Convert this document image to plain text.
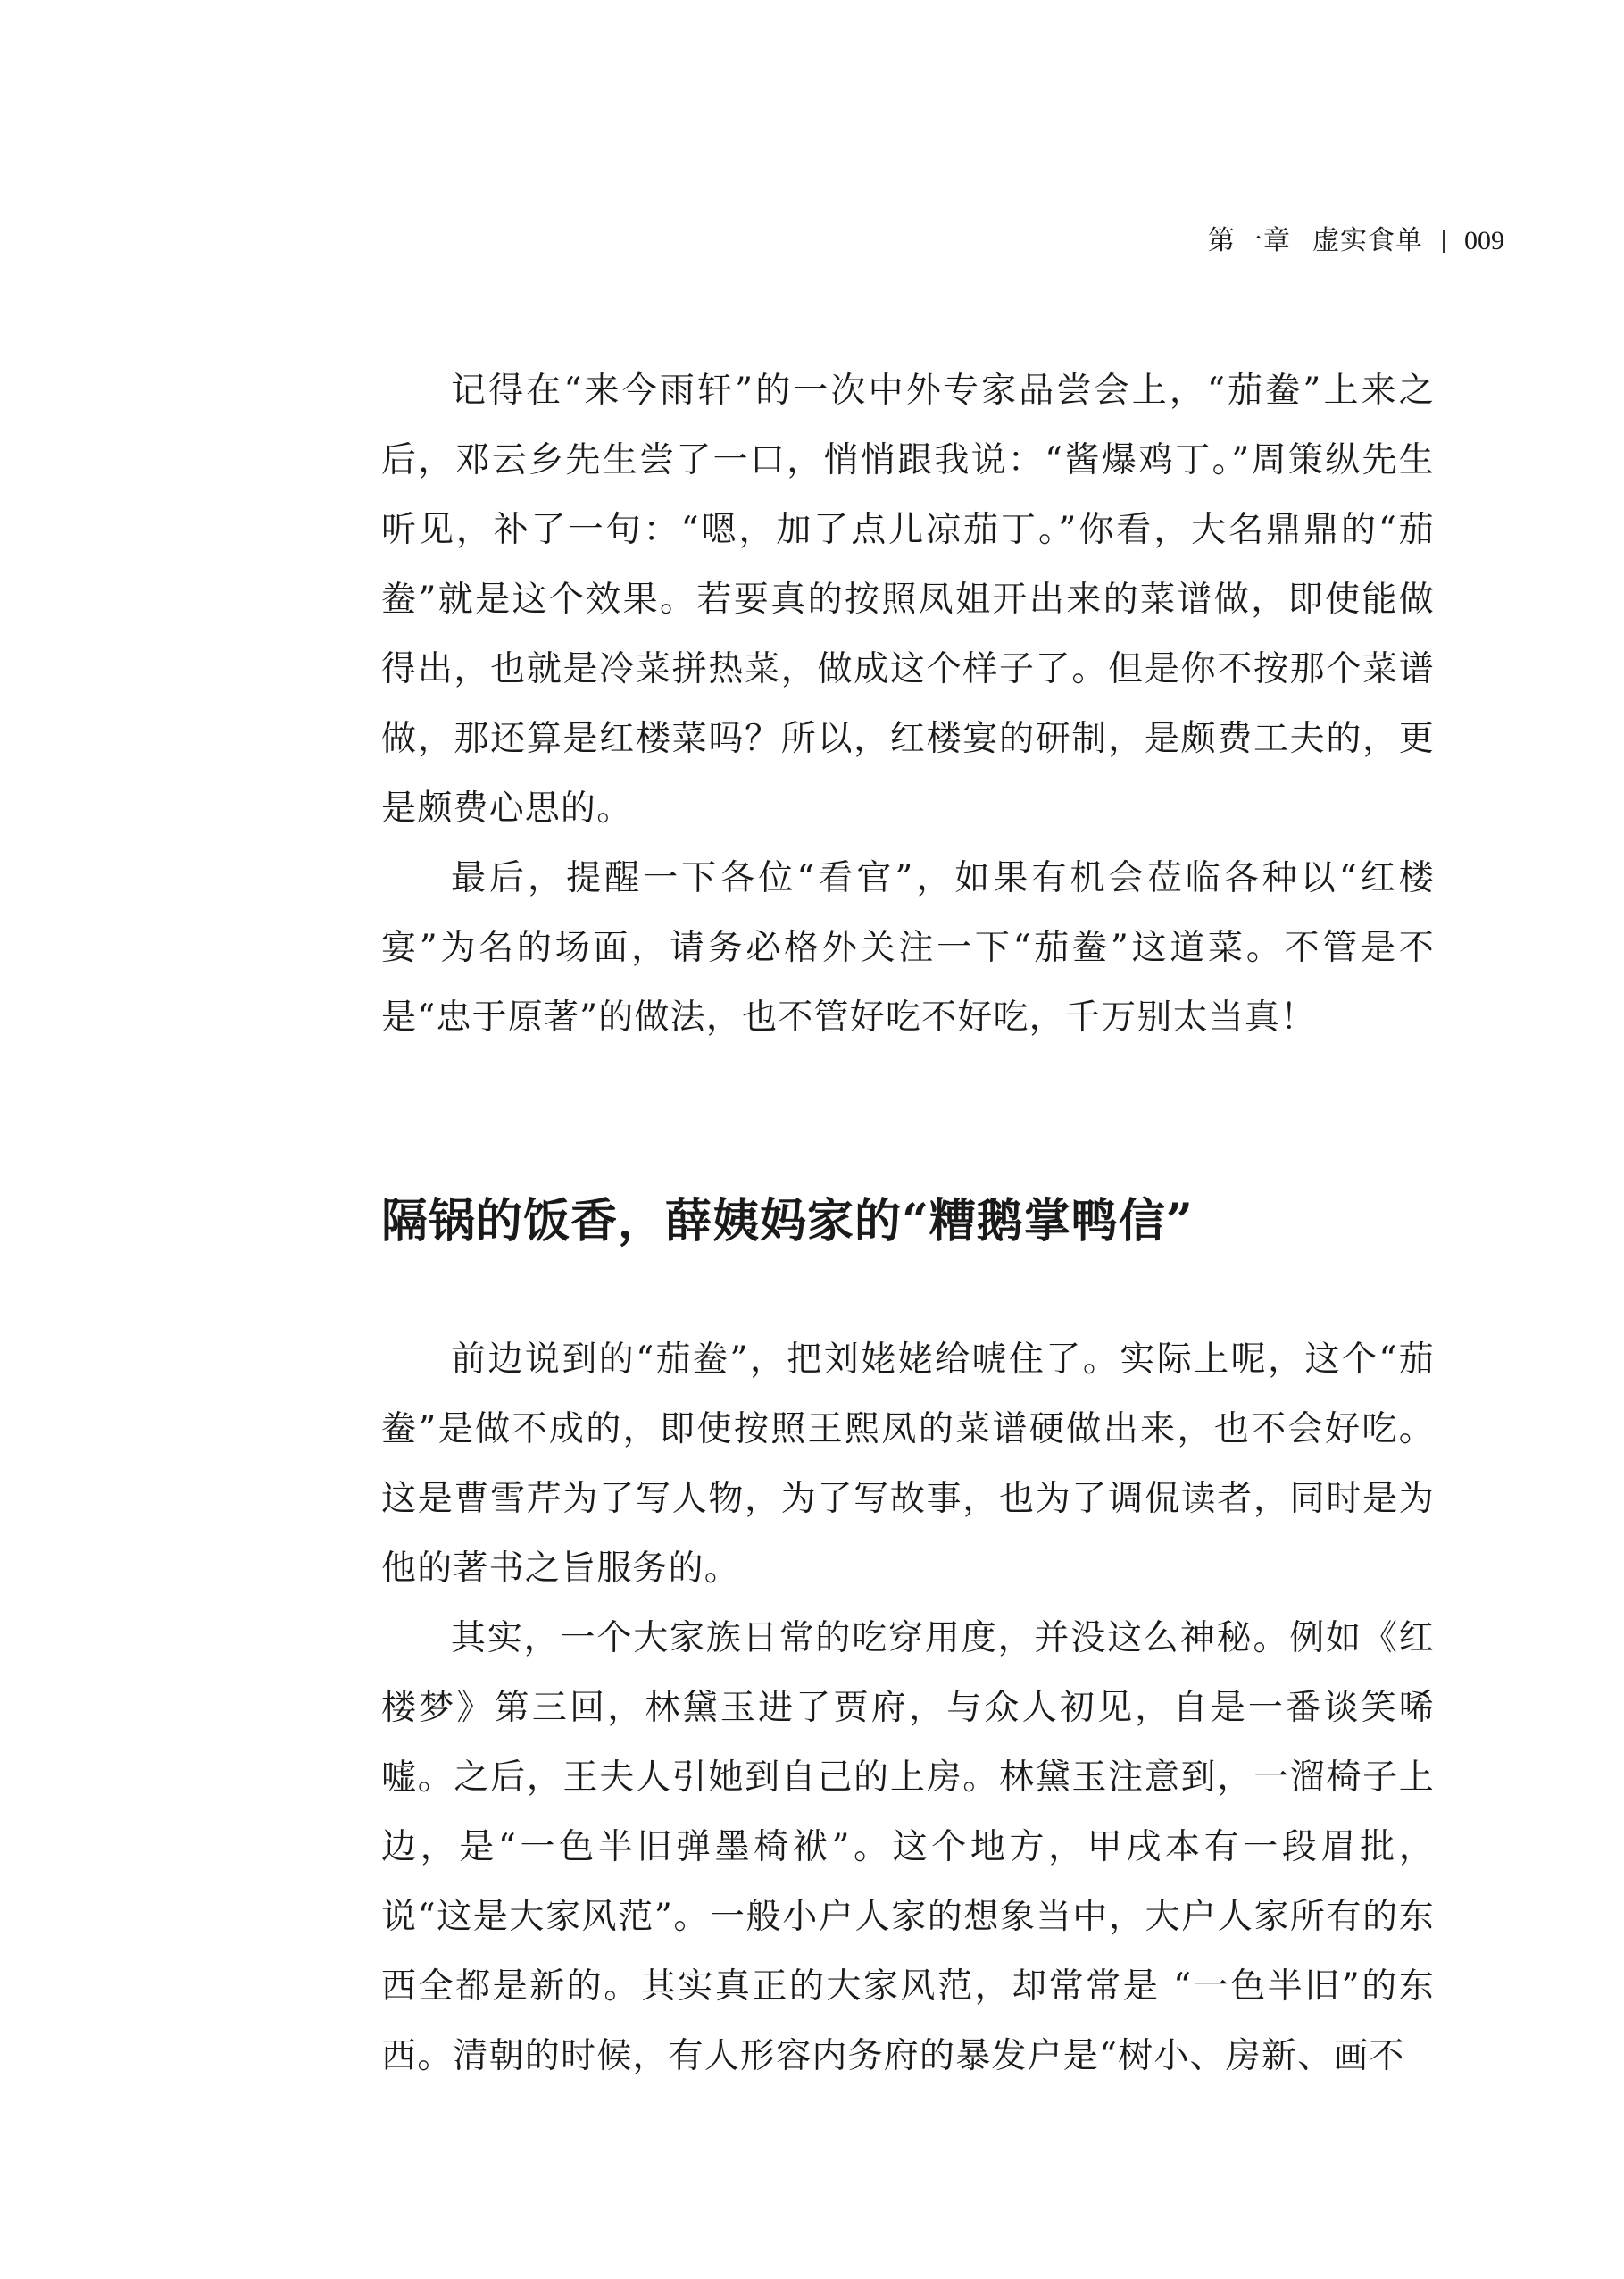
第一章 虚实食单 009

记得在“来今雨轩”的一次中外专家品尝会上，“茄鲞”上来之后，邓云乡先生尝了一口，悄悄跟我说：“酱爆鸡丁。”周策纵先生听见，补了一句：“嗯，加了点儿凉茄丁。”你看，大名鼎鼎的“茄鲞”就是这个效果。若要真的按照凤姐开出来的菜谱做，即使能做得出，也就是冷菜拼热菜，做成这个样子了。但是你不按那个菜谱做，那还算是红楼菜吗？所以，红楼宴的研制，是颇费工夫的，更是颇费心思的。

最后，提醒一下各位“看官”，如果有机会莅临各种以“红楼宴”为名的场面，请务必格外关注一下“茄鲞”这道菜。不管是不是“忠于原著”的做法，也不管好吃不好吃，千万别太当真！

隔锅的饭香，薛姨妈家的“糟鹅掌鸭信”

前边说到的“茄鲞”，把刘姥姥给唬住了。实际上呢，这个“茄鲞”是做不成的，即使按照王熙凤的菜谱硬做出来，也不会好吃。这是曹雪芹为了写人物，为了写故事，也为了调侃读者，同时是为他的著书之旨服务的。

其实，一个大家族日常的吃穿用度，并没这么神秘。例如《红楼梦》第三回，林黛玉进了贾府，与众人初见，自是一番谈笑唏嘘。之后，王夫人引她到自己的上房。林黛玉注意到，一溜椅子上边，是“一色半旧弹墨椅袱”。这个地方，甲戌本有一段眉批，说“这是大家风范”。一般小户人家的想象当中，大户人家所有的东西全都是新的。其实真正的大家风范，却常常是 “一色半旧”的东西。清朝的时候，有人形容内务府的暴发户是“树小、房新、画不
